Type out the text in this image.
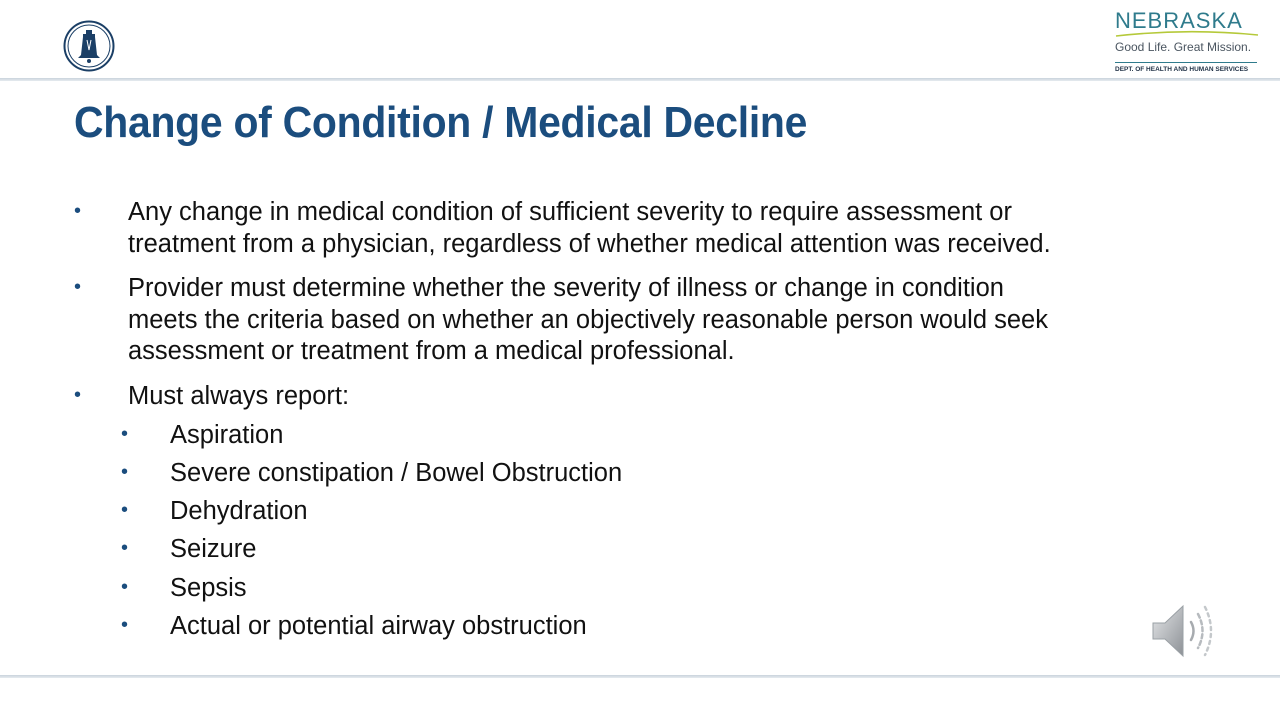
NEBRASKA
Good Life. Great Mission.
DEPT. OF HEALTH AND HUMAN SERVICES
Change of Condition / Medical Decline
• Any change in medical condition of sufficient severity to require assessment or
treatment from a physician, regardless of whether medical attention was received.
• Provider must determine whether the severity of illness or change in condition
meets the criteria based on whether an objectively reasonable person would seek
assessment or treatment from a medical professional.
• Must always report:
• Aspiration
• Severe constipation / Bowel Obstruction
• Dehydration
• Seizure
• Sepsis
• Actual or potential airway obstruction
